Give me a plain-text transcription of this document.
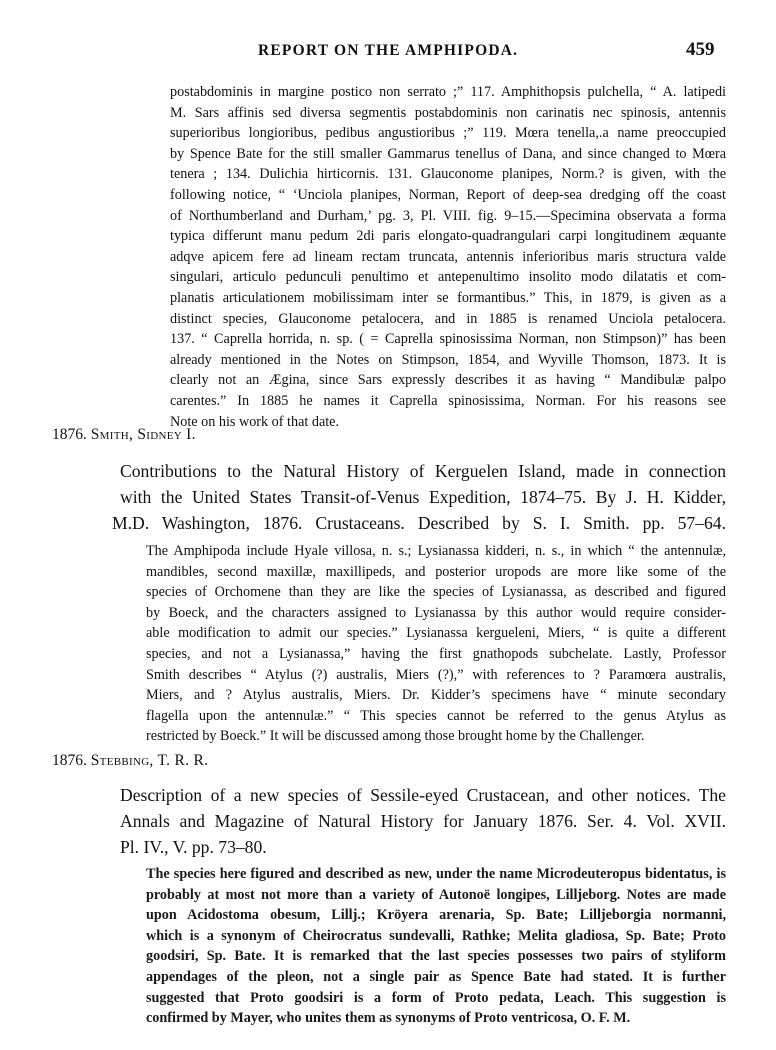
REPORT ON THE AMPHIPODA.	459
postabdominis in margine postico non serrato ;” 117. Amphithopsis pulchella, “ A. latipedi
M. Sars affinis sed diversa segmentis postabdominis non carinatis nec spinosis, antennis
superioribus longioribus, pedibus angustioribus ;” 119. Mœra tenella,.a name preoccupied
by Spence Bate for the still smaller Gammarus tenellus of Dana, and since changed to Mœra
tenera ; 134. Dulichia hirticornis. 131. Glauconome planipes, Norm.? is given, with the
following notice, “ ‘Unciola planipes, Norman, Report of deep-sea dredging off the coast
of Northumberland and Durham,’ pg. 3, Pl. VIII. fig. 9–15.—Specimina observata a forma
typica differunt manu pedum 2di paris elongato-quadrangulari carpi longitudinem æquante
adqve apicem fere ad lineam rectam truncata, antennis inferioribus maris structura valde
singulari, articulo pedunculi penultimo et antepenultimo insolito modo dilatatis et com-
planatis articulationem mobilissimam inter se formantibus.” This, in 1879, is given as a
distinct species, Glauconome petalocera, and in 1885 is renamed Unciola petalocera.
137. “ Caprella horrida, n. sp. ( = Caprella spinosissima Norman, non Stimpson)” has been
already mentioned in the Notes on Stimpson, 1854, and Wyville Thomson, 1873. It is
clearly not an Ægina, since Sars expressly describes it as having “ Mandibulæ palpo
carentes.” In 1885 he names it Caprella spinosissima, Norman. For his reasons see
Note on his work of that date.
1876. Smith, Sidney I.
Contributions to the Natural History of Kerguelen Island, made in connection
with the United States Transit-of-Venus Expedition, 1874–75. By J. H. Kidder,
M.D. Washington, 1876. Crustaceans. Described by S. I. Smith. pp. 57–64.
The Amphipoda include Hyale villosa, n. s.; Lysianassa kidderi, n. s., in which “ the antennulæ,
mandibles, second maxillæ, maxillipeds, and posterior uropods are more like some of the
species of Orchomene than they are like the species of Lysianassa, as described and figured
by Boeck, and the characters assigned to Lysianassa by this author would require consider-
able modification to admit our species.” Lysianassa kergueleni, Miers, “ is quite a different
species, and not a Lysianassa,” having the first gnathopods subchelate. Lastly, Professor
Smith describes “ Atylus (?) australis, Miers (?),” with references to ? Paramœra australis,
Miers, and ? Atylus australis, Miers. Dr. Kidder’s specimens have “ minute secondary
flagella upon the antennulæ.” “ This species cannot be referred to the genus Atylus as
restricted by Boeck.” It will be discussed among those brought home by the Challenger.
1876. Stebbing, T. R. R.
Description of a new species of Sessile-eyed Crustacean, and other notices. The
Annals and Magazine of Natural History for January 1876. Ser. 4. Vol. XVII.
Pl. IV., V. pp. 73–80.
The species here figured and described as new, under the name Microdeuteropus bidentatus, is
probably at most not more than a variety of Autonoë longipes, Lilljeborg. Notes are made
upon Acidostoma obesum, Lillj.; Kröyera arenaria, Sp. Bate; Lilljeborgia normanni,
which is a synonym of Cheirocratus sundevalli, Rathke; Melita gladiosa, Sp. Bate; Proto
goodsiri, Sp. Bate. It is remarked that the last species possesses two pairs of styliform
appendages of the pleon, not a single pair as Spence Bate had stated. It is further
suggested that Proto goodsiri is a form of Proto pedata, Leach. This suggestion is
confirmed by Mayer, who unites them as synonyms of Proto ventricosa, O. F. M.
